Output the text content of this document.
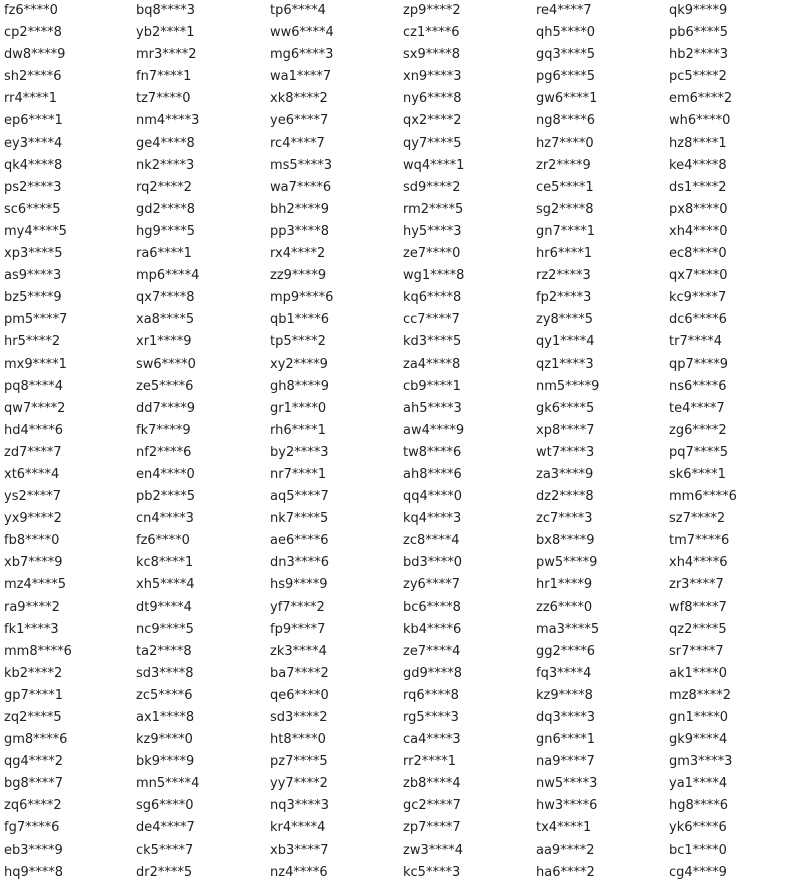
fz6****0
cp2****8
dw8****9
sh2****6
rr4****1
ep6****1
ey3****4
qk4****8
ps2****3
sc6****5
my4****5
xp3****5
as9****3
bz5****9
pm5****7
hr5****2
mx9****1
pq8****4
qw7****2
hd4****6
zd7****7
xt6****4
ys2****7
yx9****2
fb8****0
xb7****9
mz4****5
ra9****2
fk1****3
mm8****6
kb2****2
gp7****1
zq2****5
gm8****6
qg4****2
bg8****7
zq6****2
fg7****6
eb3****9
hq9****8
bq8****3
yb2****1
mr3****2
fn7****1
tz7****0
nm4****3
ge4****8
nk2****3
rq2****2
gd2****8
hg9****5
ra6****1
mp6****4
qx7****8
xa8****5
xr1****9
sw6****0
ze5****6
dd7****9
fk7****9
nf2****6
en4****0
pb2****5
cn4****3
fz6****0
kc8****1
xh5****4
dt9****4
nc9****5
ta2****8
sd3****8
zc5****6
ax1****8
kz9****0
bk9****9
mn5****4
sg6****0
de4****7
ck5****7
dr2****5
tp6****4
ww6****4
mg6****3
wa1****7
xk8****2
ye6****7
rc4****7
ms5****3
wa7****6
bh2****9
pp3****8
rx4****2
zz9****9
mp9****6
qb1****6
tp5****2
xy2****9
gh8****9
gr1****0
rh6****1
by2****3
nr7****1
aq5****7
nk7****5
ae6****6
dn3****6
hs9****9
yf7****2
fp9****7
zk3****4
ba7****2
qe6****0
sd3****2
ht8****0
pz7****5
yy7****2
nq3****3
kr4****4
xb3****7
nz4****6
zp9****2
cz1****6
sx9****8
xn9****3
ny6****8
qx2****2
qy7****5
wq4****1
sd9****2
rm2****5
hy5****3
ze7****0
wg1****8
kq6****8
cc7****7
kd3****5
za4****8
cb9****1
ah5****3
aw4****9
tw8****6
ah8****6
qq4****0
kq4****3
zc8****4
bd3****0
zy6****7
bc6****8
kb4****6
ze7****4
gd9****8
rq6****8
rg5****3
ca4****3
rr2****1
zb8****4
gc2****7
zp7****7
zw3****4
kc5****3
re4****7
qh5****0
gq3****5
pg6****5
gw6****1
ng8****6
hz7****0
zr2****9
ce5****1
sg2****8
gn7****1
hr6****1
rz2****3
fp2****3
zy8****5
qy1****4
qz1****3
nm5****9
gk6****5
xp8****7
wt7****3
za3****9
dz2****8
zc7****3
bx8****9
pw5****9
hr1****9
zz6****0
ma3****5
gg2****6
fq3****4
kz9****8
dq3****3
gn6****1
na9****7
nw5****3
hw3****6
tx4****1
aa9****2
ha6****2
qk9****9
pb6****5
hb2****3
pc5****2
em6****2
wh6****0
hz8****1
ke4****8
ds1****2
px8****0
xh4****0
ec8****0
qx7****0
kc9****7
dc6****6
tr7****4
qp7****9
ns6****6
te4****7
zg6****2
pq7****5
sk6****1
mm6****6
sz7****2
tm7****6
xh4****6
zr3****7
wf8****7
qz2****5
sr7****7
ak1****0
mz8****2
gn1****0
gk9****4
gm3****3
ya1****4
hg8****6
yk6****6
bc1****0
cg4****9
